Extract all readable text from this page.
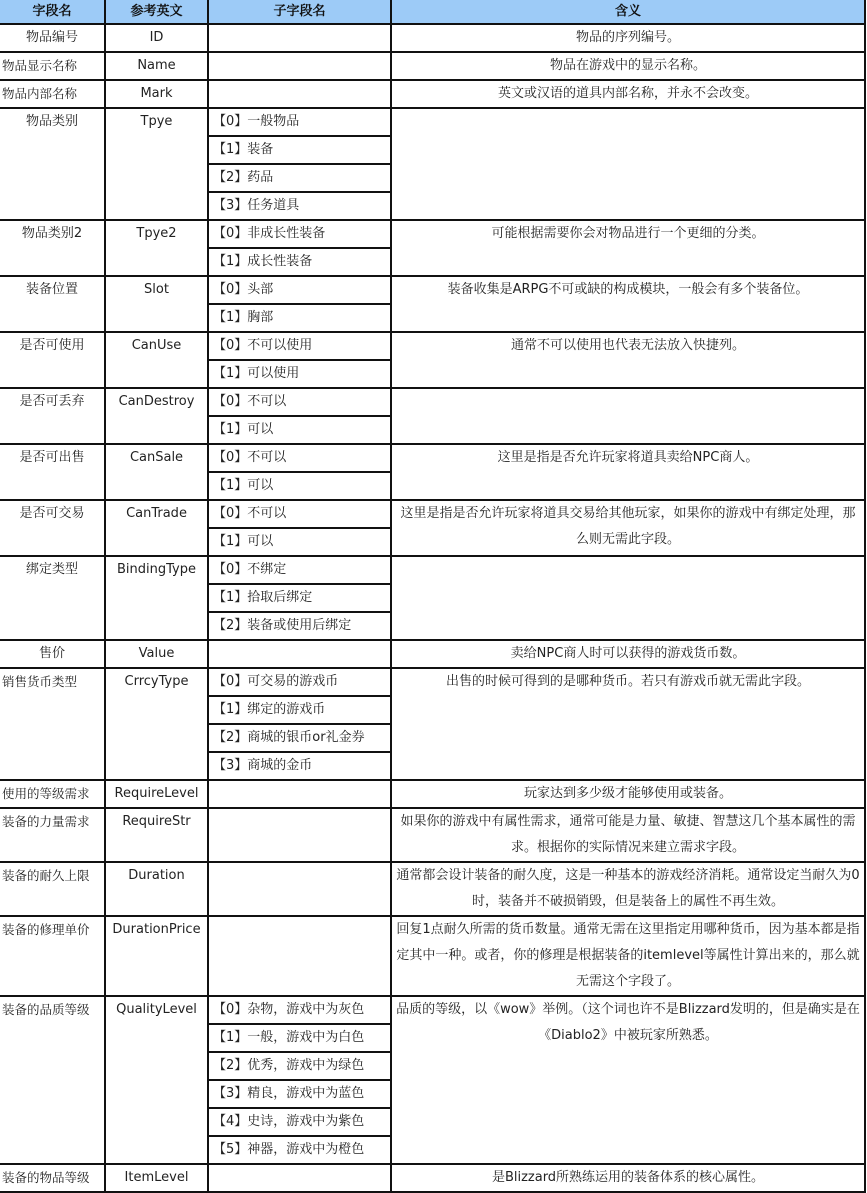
字段名	参考英文	子字段名	含义
物品编号	ID		物品的序列编号。
物品显示名称	Name		物品在游戏中的显示名称。
物品内部名称	Mark		英文或汉语的道具内部名称，并永不会改变。
物品类别	Tpye	【0】一般物品	
		【1】装备	
		【2】药品	
		【3】任务道具	
物品类别2	Tpye2	【0】非成长性装备	可能根据需要你会对物品进行一个更细的分类。
		【1】成长性装备	
装备位置	Slot	【0】头部	装备收集是ARPG不可或缺的构成模块，一般会有多个装备位。
		【1】胸部	
是否可使用	CanUse	【0】不可以使用	通常不可以使用也代表无法放入快捷列。
		【1】可以使用	
是否可丢弃	CanDestroy	【0】不可以	
		【1】可以	
是否可出售	CanSale	【0】不可以	这里是指是否允许玩家将道具卖给NPC商人。
		【1】可以	
是否可交易	CanTrade	【0】不可以	这里是指是否允许玩家将道具交易给其他玩家，如果你的游戏中有绑定处理，那么则无需此字段。
		【1】可以	
绑定类型	BindingType	【0】不绑定	
		【1】拾取后绑定	
		【2】装备或使用后绑定	
售价	Value		卖给NPC商人时可以获得的游戏货币数。
销售货币类型	CrrcyType	【0】可交易的游戏币	出售的时候可得到的是哪种货币。若只有游戏币就无需此字段。
		【1】绑定的游戏币	
		【2】商城的银币or礼金券	
		【3】商城的金币	
使用的等级需求	RequireLevel		玩家达到多少级才能够使用或装备。
装备的力量需求	RequireStr		如果你的游戏中有属性需求，通常可能是力量、敏捷、智慧这几个基本属性的需求。根据你的实际情况来建立需求字段。

装备的耐久上限	Duration		通常都会设计装备的耐久度，这是一种基本的游戏经济消耗。通常设定当耐久为0时，装备并不破损销毁，但是装备上的属性不再生效。

装备的修理单价	DurationPrice		回复1点耐久所需的货币数量。通常无需在这里指定用哪种货币，因为基本都是指定其中一种。或者，你的修理是根据装备的itemlevel等属性计算出来的，那么就无需这个字段了。

装备的品质等级	QualityLevel	【0】杂物，游戏中为灰色	品质的等级，以《wow》举例。（这个词也许不是Blizzard发明的，但是确实是在《Diablo2》中被玩家所熟悉。
		【1】一般，游戏中为白色	
		【2】优秀，游戏中为绿色	
		【3】精良，游戏中为蓝色	
		【4】史诗，游戏中为紫色	
		【5】神器，游戏中为橙色	
装备的物品等级	ItemLevel		是Blizzard所熟练运用的装备体系的核心属性。
